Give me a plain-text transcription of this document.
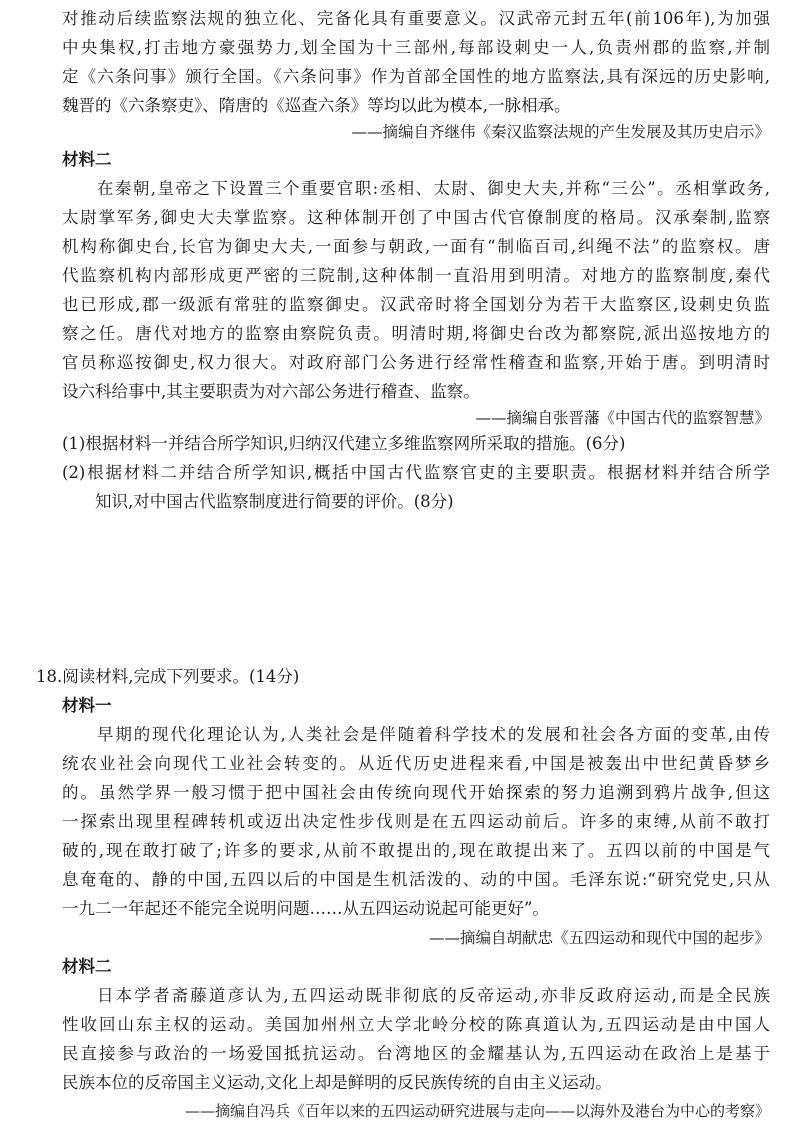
对推动后续监察法规的独立化、完备化具有重要意义。汉武帝元封五年(前106年),为加强
中央集权,打击地方豪强势力,划全国为十三部州,每部设刺史一人,负责州郡的监察,并制
定《六条问事》颁行全国。《六条问事》作为首部全国性的地方监察法,具有深远的历史影响,
魏晋的《六条察吏》、隋唐的《巡查六条》等均以此为模本,一脉相承。
——摘编自齐继伟《秦汉监察法规的产生发展及其历史启示》
材料二
在秦朝,皇帝之下设置三个重要官职:丞相、太尉、御史大夫,并称“三公”。丞相掌政务,
太尉掌军务,御史大夫掌监察。这种体制开创了中国古代官僚制度的格局。汉承秦制,监察
机构称御史台,长官为御史大夫,一面参与朝政,一面有“制临百司,纠绳不法”的监察权。唐
代监察机构内部形成更严密的三院制,这种体制一直沿用到明清。对地方的监察制度,秦代
也已形成,郡一级派有常驻的监察御史。汉武帝时将全国划分为若干大监察区,设刺史负监
察之任。唐代对地方的监察由察院负责。明清时期,将御史台改为都察院,派出巡按地方的
官员称巡按御史,权力很大。对政府部门公务进行经常性稽查和监察,开始于唐。到明清时
设六科给事中,其主要职责为对六部公务进行稽查、监察。
——摘编自张晋藩《中国古代的监察智慧》
(1)根据材料一并结合所学知识,归纳汉代建立多维监察网所采取的措施。(6分)
(2)根据材料二并结合所学知识,概括中国古代监察官吏的主要职责。根据材料并结合所学
知识,对中国古代监察制度进行简要的评价。(8分)
18.阅读材料,完成下列要求。(14分)
材料一
早期的现代化理论认为,人类社会是伴随着科学技术的发展和社会各方面的变革,由传
统农业社会向现代工业社会转变的。从近代历史进程来看,中国是被轰出中世纪黄昏梦乡
的。虽然学界一般习惯于把中国社会由传统向现代开始探索的努力追溯到鸦片战争,但这
一探索出现里程碑转机或迈出决定性步伐则是在五四运动前后。许多的束缚,从前不敢打
破的,现在敢打破了;许多的要求,从前不敢提出的,现在敢提出来了。五四以前的中国是气
息奄奄的、静的中国,五四以后的中国是生机活泼的、动的中国。毛泽东说:“研究党史,只从
一九二一年起还不能完全说明问题……从五四运动说起可能更好”。
——摘编自胡献忠《五四运动和现代中国的起步》
材料二
日本学者斋藤道彦认为,五四运动既非彻底的反帝运动,亦非反政府运动,而是全民族
性收回山东主权的运动。美国加州州立大学北岭分校的陈真道认为,五四运动是由中国人
民直接参与政治的一场爱国抵抗运动。台湾地区的金耀基认为,五四运动在政治上是基于
民族本位的反帝国主义运动,文化上却是鲜明的反民族传统的自由主义运动。
——摘编自冯兵《百年以来的五四运动研究进展与走向——以海外及港台为中心的考察》
